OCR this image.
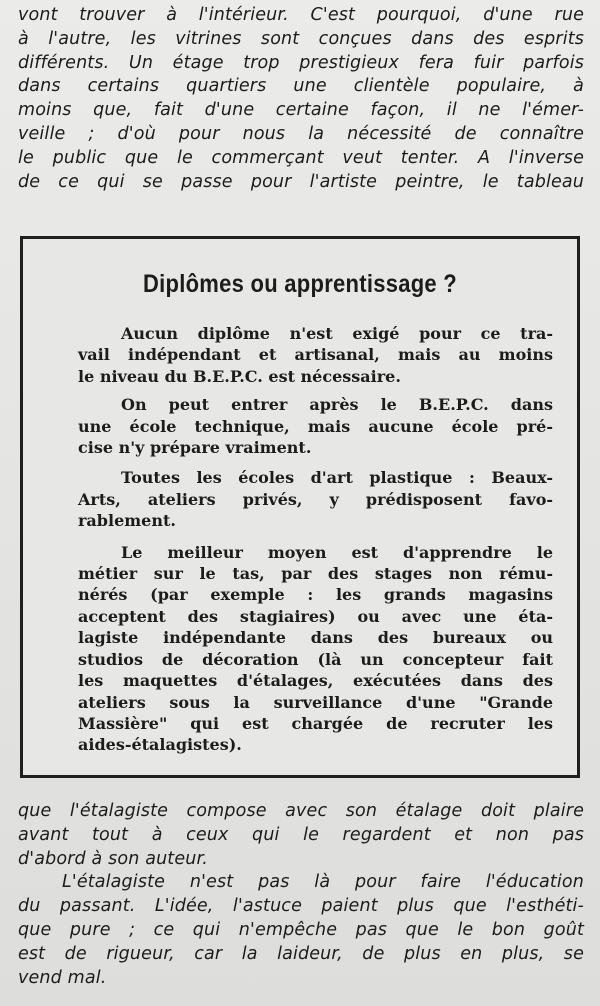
vont trouver à l'intérieur. C'est pourquoi, d'une rue
à l'autre, les vitrines sont conçues dans des esprits
différents. Un étage trop prestigieux fera fuir parfois
dans certains quartiers une clientèle populaire, à
moins que, fait d'une certaine façon, il ne l'émer-
veille ; d'où pour nous la nécessité de connaître
le public que le commerçant veut tenter. A l'inverse
de ce qui se passe pour l'artiste peintre, le tableau

Diplômes ou apprentissage ?

Aucun diplôme n'est exigé pour ce tra-
vail indépendant et artisanal, mais au moins
le niveau du B.E.P.C. est nécessaire.

On peut entrer après le B.E.P.C. dans
une école technique, mais aucune école pré-
cise n'y prépare vraiment.

Toutes les écoles d'art plastique : Beaux-
Arts, ateliers privés, y prédisposent favo-
rablement.

Le meilleur moyen est d'apprendre le
métier sur le tas, par des stages non rému-
nérés (par exemple : les grands magasins
acceptent des stagiaires) ou avec une éta-
lagiste indépendante dans des bureaux ou
studios de décoration (là un concepteur fait
les maquettes d'étalages, exécutées dans des
ateliers sous la surveillance d'une "Grande
Massière" qui est chargée de recruter les
aides-étalagistes).

que l'étalagiste compose avec son étalage doit plaire
avant tout à ceux qui le regardent et non pas
d'abord à son auteur.
L'étalagiste n'est pas là pour faire l'éducation
du passant. L'idée, l'astuce paient plus que l'esthéti-
que pure ; ce qui n'empêche pas que le bon goût
est de rigueur, car la laideur, de plus en plus, se
vend mal.
